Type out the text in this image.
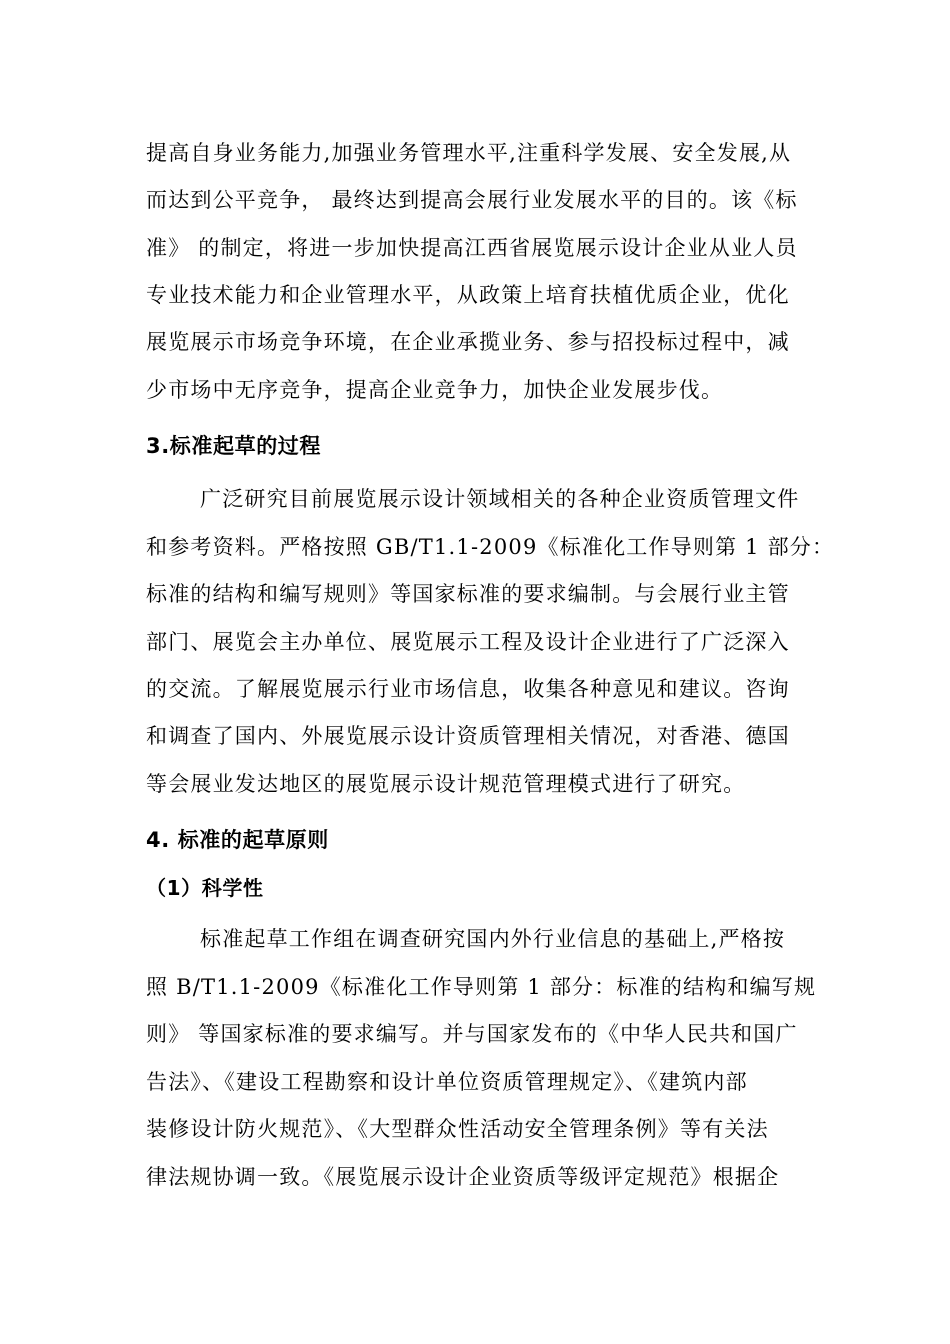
提高自身业务能力,加强业务管理水平,注重科学发展、安全发展,从
而达到公平竞争， 最终达到提高会展行业发展水平的目的。该《标
准》 的制定，将进一步加快提高江西省展览展示设计企业从业人员
专业技术能力和企业管理水平，从政策上培育扶植优质企业，优化
展览展示市场竞争环境，在企业承揽业务、参与招投标过程中，减
少市场中无序竞争，提高企业竞争力，加快企业发展步伐。
3.标准起草的过程
广泛研究目前展览展示设计领域相关的各种企业资质管理文件
和参考资料。严格按照 GB/T1.1-2009《标准化工作导则第 1 部分：
标准的结构和编写规则》等国家标准的要求编制。与会展行业主管
部门、展览会主办单位、展览展示工程及设计企业进行了广泛深入
的交流。了解展览展示行业市场信息，收集各种意见和建议。咨询
和调查了国内、外展览展示设计资质管理相关情况，对香港、德国
等会展业发达地区的展览展示设计规范管理模式进行了研究。
4. 标准的起草原则
（1）科学性
标准起草工作组在调查研究国内外行业信息的基础上,严格按
照 B/T1.1-2009《标准化工作导则第 1 部分：标准的结构和编写规
则》 等国家标准的要求编写。并与国家发布的《中华人民共和国广
告法》、《建设工程勘察和设计单位资质管理规定》、《建筑内部
装修设计防火规范》、《大型群众性活动安全管理条例》等有关法
律法规协调一致。《展览展示设计企业资质等级评定规范》根据企
